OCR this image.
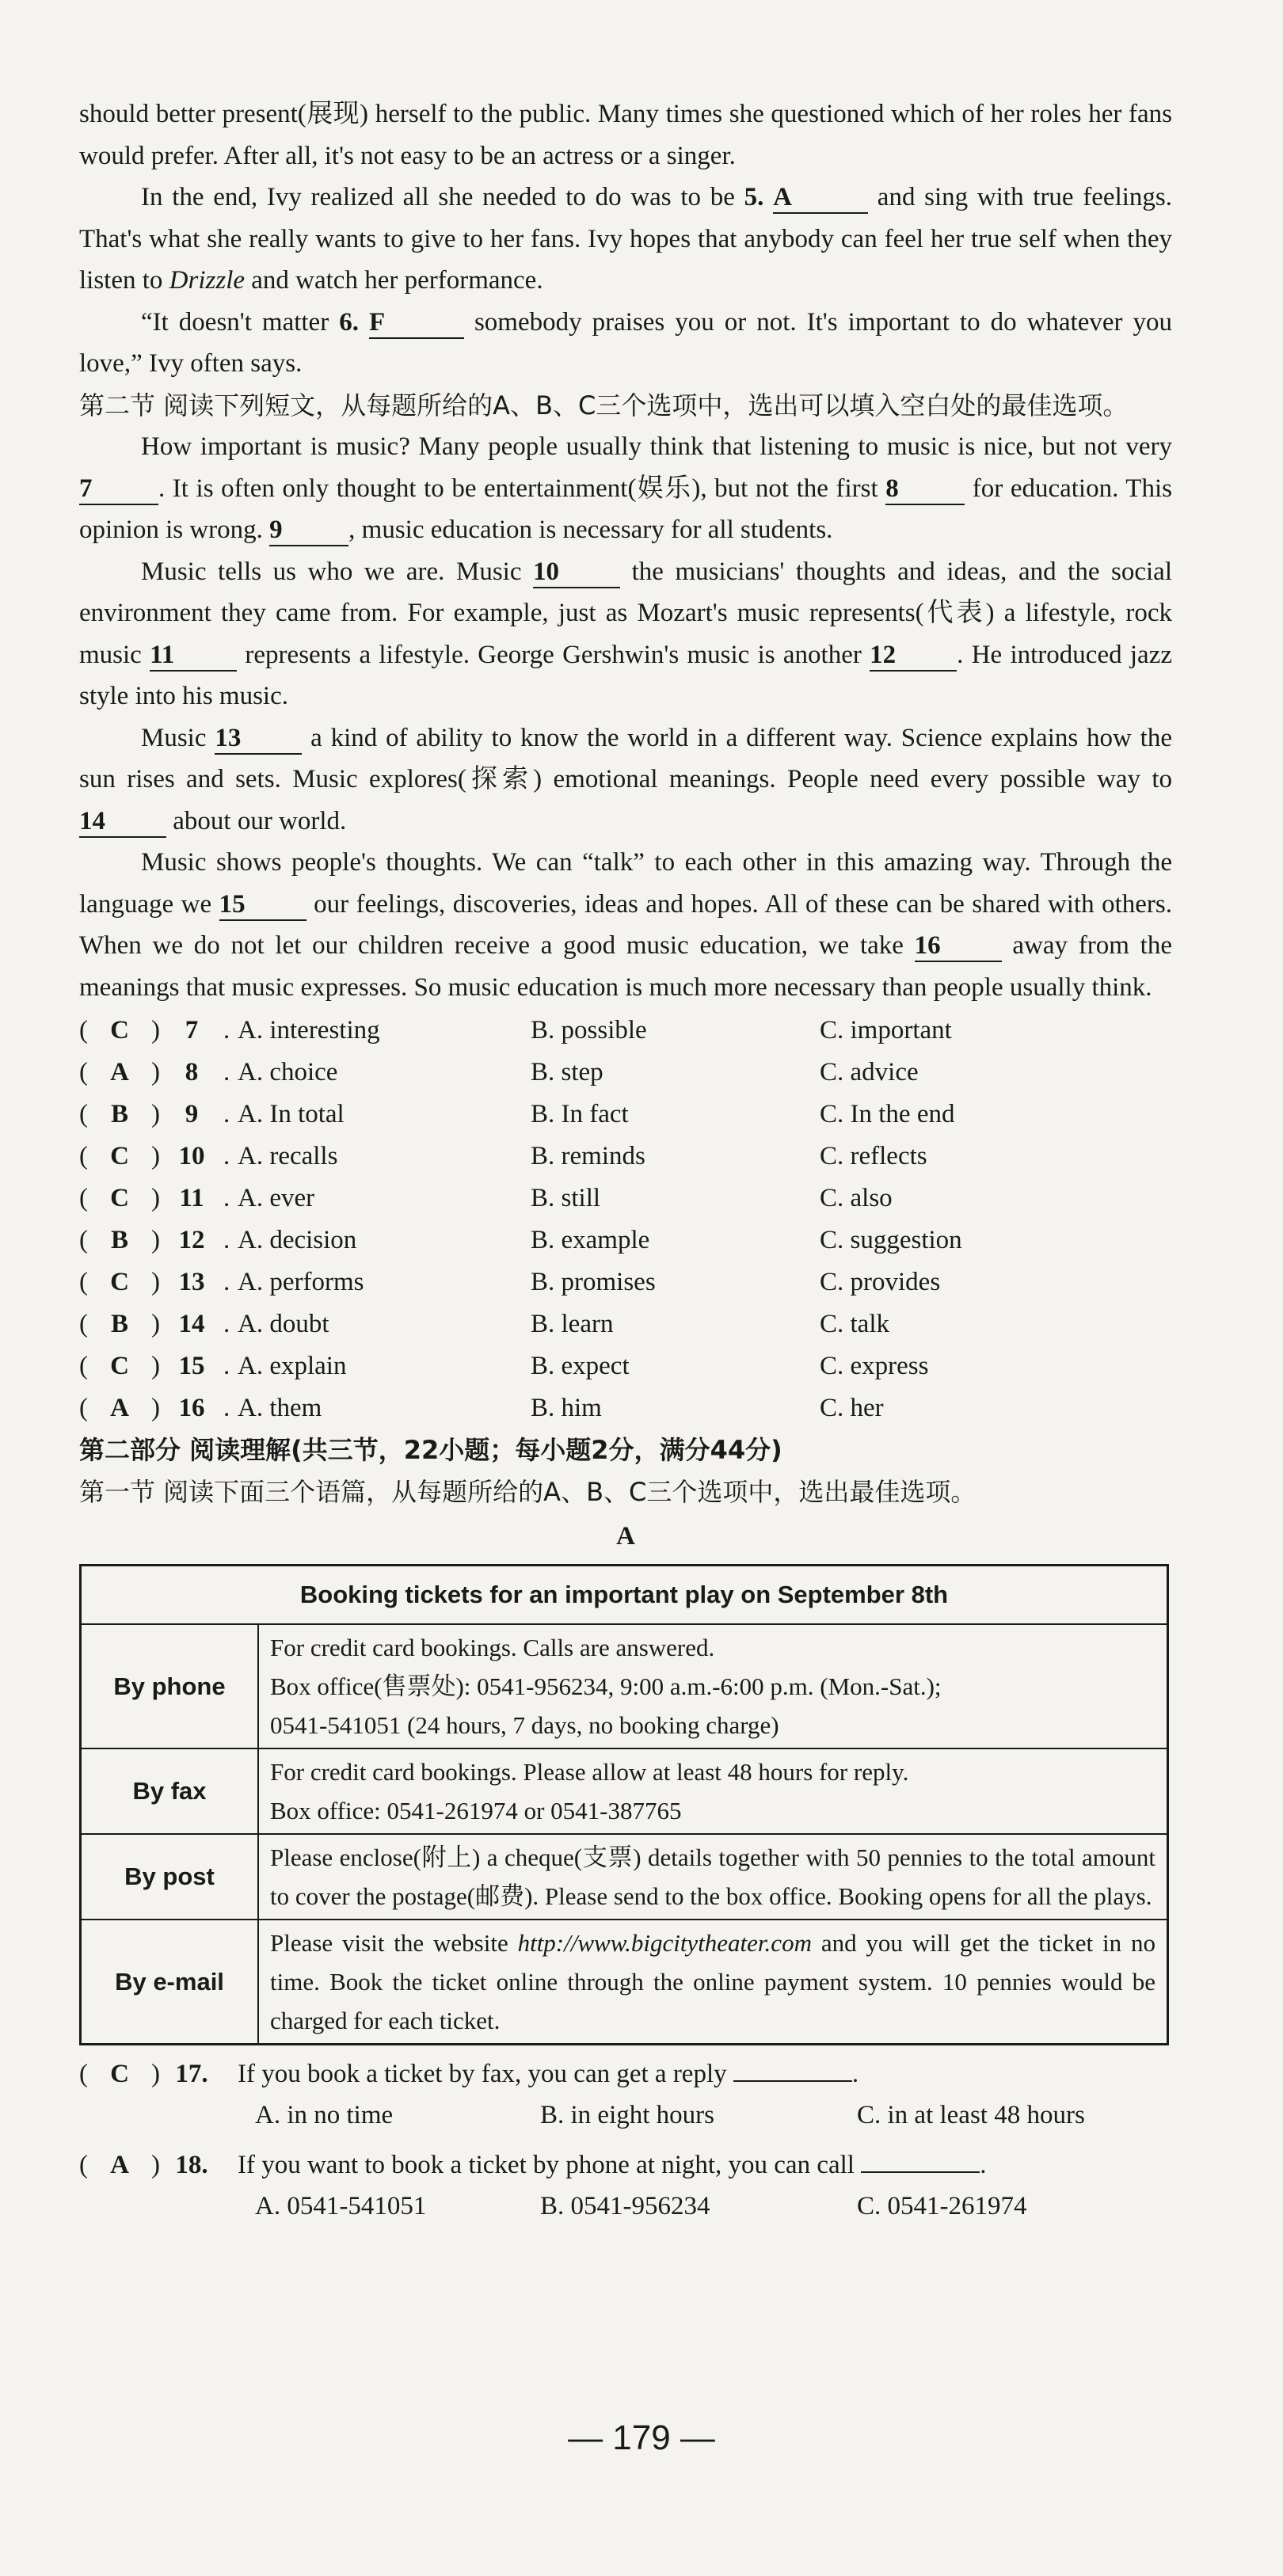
should better present(展现) herself to the public. Many times she questioned which of her roles her fans would prefer. After all, it's not easy to be an actress or a singer.

In the end, Ivy realized all she needed to do was to be 5. A	and sing with true feelings. That's what she really wants to give to her fans. Ivy hopes that anybody can feel her true self when they listen to Drizzle and watch her performance.

“It doesn't matter 6. F	somebody praises you or not. It's important to do whatever you love,” Ivy often says.

第二节 阅读下列短文，从每题所给的A、B、C三个选项中，选出可以填入空白处的最佳选项。

How important is music? Many people usually think that listening to music is nice, but not very 7	. It is often only thought to be entertainment(娱乐), but not the first 8	for education. This opinion is wrong. 9	, music education is necessary for all students.

Music tells us who we are. Music 10 the musicians' thoughts and ideas, and the social environment they came from. For example, just as Mozart's music represents(代表) a lifestyle, rock music 11 represents a lifestyle. George Gershwin's music is another 12 . He introduced jazz style into his music.

Music 13 a kind of ability to know the world in a different way. Science explains how the sun rises and sets. Music explores(探索) emotional meanings. People need every possible way to 14 about our world.

Music shows people's thoughts. We can “talk” to each other in this amazing way. Through the language we 15 our feelings, discoveries, ideas and hopes. All of these can be shared with others. When we do not let our children receive a good music education, we take 16 away from the meanings that music expresses. So music education is much more necessary than people usually think.

( C ) 7 . A. interesting	B. possible	C. important
( A ) 8 . A. choice	B. step	C. advice
( B ) 9 . A. In total	B. In fact	C. In the end
( C ) 10 . A. recalls	B. reminds	C. reflects
( C ) 11 . A. ever	B. still	C. also
( B ) 12 . A. decision	B. example	C. suggestion
( C ) 13 . A. performs	B. promises	C. provides
( B ) 14 . A. doubt	B. learn	C. talk
( C ) 15 . A. explain	B. expect	C. express
( A ) 16 . A. them	B. him	C. her

第二部分 阅读理解(共三节，22小题；每小题2分，满分44分)

第一节 阅读下面三个语篇，从每题所给的A、B、C三个选项中，选出最佳选项。

A
Booking tickets for an important play on September 8th	
By phone	For credit card bookings. Calls are answered.
Box office(售票处): 0541-956234, 9:00 a.m.-6:00 p.m. (Mon.-Sat.);
0541-541051 (24 hours, 7 days, no booking charge)

By fax	For credit card bookings. Please allow at least 48 hours for reply.
Box office: 0541-261974 or 0541-387765

By post	Please enclose(附上) a cheque(支票) details together with 50 pennies to the total amount to cover the postage(邮费). Please send to the box office. Booking opens for all the plays.

By e-mail	Please visit the website http://www.bigcitytheater.com and you will get the ticket in no time. Book the ticket online through the online payment system. 10 pennies would be charged for each ticket.
( C ) 17.	If you book a ticket by fax, you can get a reply	.
A. in no time	B. in eight hours	C. in at least 48 hours
( A ) 18.	If you want to book a ticket by phone at night, you can call	.
A. 0541-541051	B. 0541-956234	C. 0541-261974
— 179 —
